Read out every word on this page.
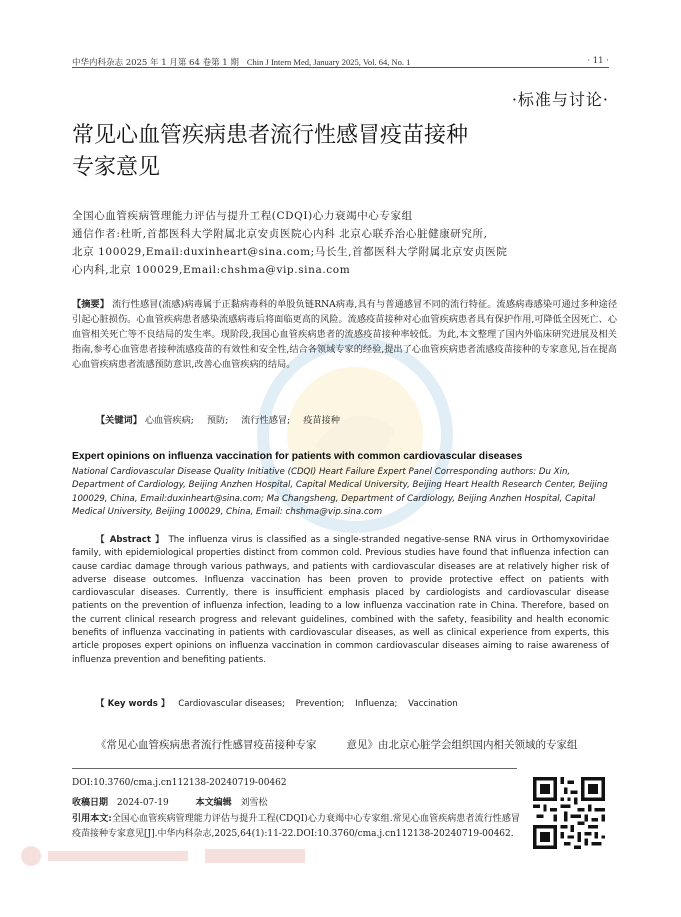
中华内科杂志 2025 年 1 月第 64 卷第 1 期 Chin J Intern Med, January 2025, Vol. 64, No. 1	· 11 ·
·标准与讨论·
常见心血管疾病患者流行性感冒疫苗接种
专家意见
全国心血管疾病管理能力评估与提升工程(CDQI)心力衰竭中心专家组
通信作者:杜昕,首都医科大学附属北京安贞医院心内科 北京心联乔治心脏健康研究所,
北京 100029,Email:duxinheart@sina.com;马长生,首都医科大学附属北京安贞医院
心内科,北京 100029,Email:chshma@vip.sina.com
【摘要】 流行性感冒(流感)病毒属于正黏病毒科的单股负链RNA病毒,具有与普通感冒不同的流行特征。流感病毒感染可通过多种途径引起心脏损伤。心血管疾病患者感染流感病毒后将面临更高的风险。流感疫苗接种对心血管疾病患者具有保护作用,可降低全因死亡、心血管相关死亡等不良结局的发生率。现阶段,我国心血管疾病患者的流感疫苗接种率较低。为此,本文整理了国内外临床研究进展及相关指南,参考心血管患者接种流感疫苗的有效性和安全性,结合各领域专家的经验,提出了心血管疾病患者流感疫苗接种的专家意见,旨在提高心血管疾病患者流感预防意识,改善心血管疾病的结局。
【关键词】 心血管疾病; 预防; 流行性感冒; 疫苗接种
Expert opinions on influenza vaccination for patients with common cardiovascular diseases
National Cardiovascular Disease Quality Initiative (CDQI) Heart Failure Expert Panel Corresponding authors: Du Xin, Department of Cardiology, Beijing Anzhen Hospital, Capital Medical University, Beijing Heart Health Research Center, Beijing 100029, China, Email:duxinheart@sina.com; Ma Changsheng, Department of Cardiology, Beijing Anzhen Hospital, Capital Medical University, Beijing 100029, China, Email: chshma@vip.sina.com
【 Abstract 】 The influenza virus is classified as a single-stranded negative-sense RNA virus in Orthomyxoviridae family, with epidemiological properties distinct from common cold. Previous studies have found that influenza infection can cause cardiac damage through various pathways, and patients with cardiovascular diseases are at relatively higher risk of adverse disease outcomes. Influenza vaccination has been proven to provide protective effect on patients with cardiovascular diseases. Currently, there is insufficient emphasis placed by cardiologists and cardiovascular disease patients on the prevention of influenza infection, leading to a low influenza vaccination rate in China. Therefore, based on the current clinical research progress and relevant guidelines, combined with the safety, feasibility and health economic benefits of influenza vaccinating in patients with cardiovascular diseases, as well as clinical experience from experts, this article proposes expert opinions on influenza vaccination in common cardiovascular diseases aiming to raise awareness of influenza prevention and benefiting patients.
【 Key words 】 Cardiovascular diseases; Prevention; Influenza; Vaccination
《常见心血管疾病患者流行性感冒疫苗接种专家	意见》由北京心脏学会组织国内相关领域的专家组
DOI:10.3760/cma.j.cn112138-20240719-00462
收稿日期 2024-07-19	本文编辑 刘雪松
引用本文:全国心血管疾病管理能力评估与提升工程(CDQI)心力衰竭中心专家组.常见心血管疾病患者流行性感冒疫苗接种专家意见[J].中华内科杂志,2025,64(1):11-22.DOI:10.3760/cma.j.cn112138-20240719-00462.
